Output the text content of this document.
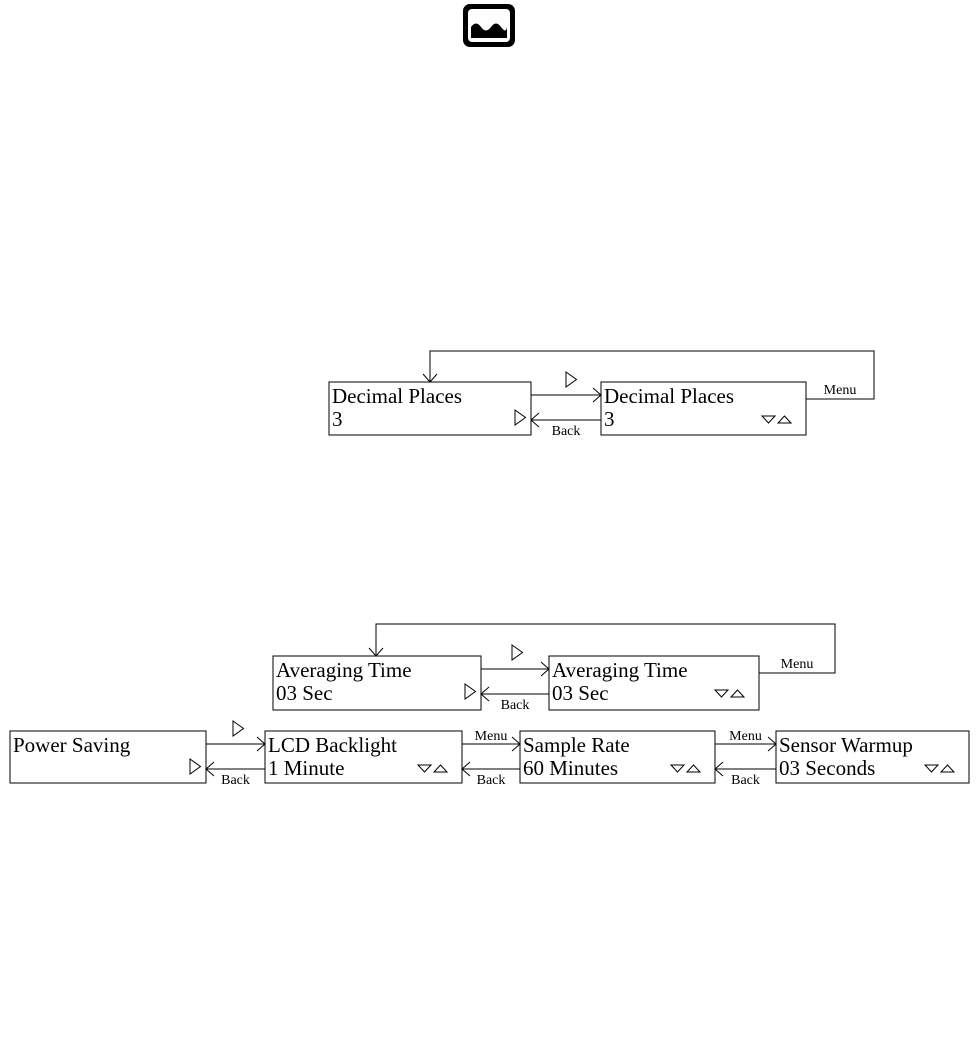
Decimal Places
3
Decimal Places
3
Back
Menu
Averaging Time
03 Sec
Averaging Time
03 Sec
Back
Menu
Power Saving	LCD Backlight
1 Minute
Sample Rate
60 Minutes
Sensor Warmup
03 Seconds
Back
Menu
Back
Menu
Back
